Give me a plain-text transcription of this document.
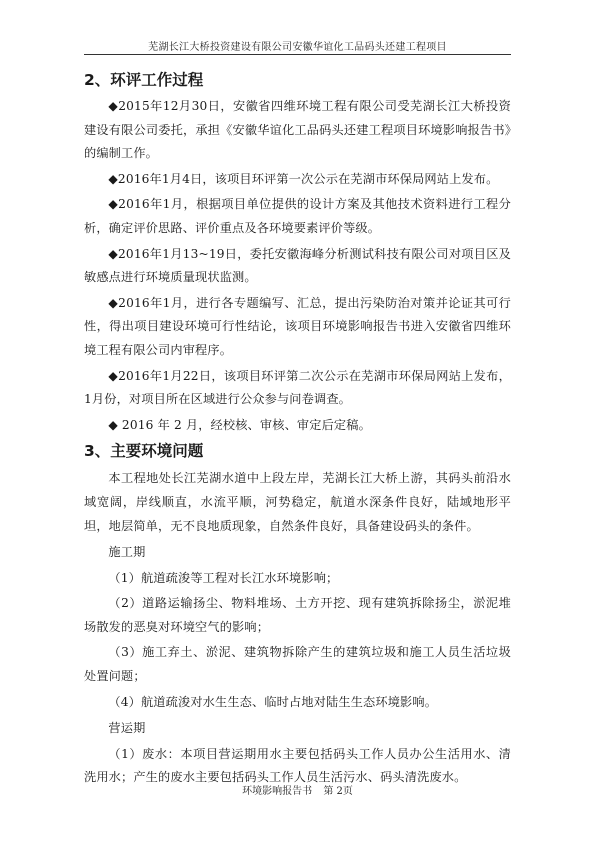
芜湖长江大桥投资建设有限公司安徽华谊化工品码头还建工程项目
2、环评工作过程

◆2015年12月30日，安徽省四维环境工程有限公司受芜湖长江大桥投资建设有限公司委托，承担《安徽华谊化工品码头还建工程项目环境影响报告书》的编制工作。

◆2016年1月4日，该项目环评第一次公示在芜湖市环保局网站上发布。

◆2016年1月，根据项目单位提供的设计方案及其他技术资料进行工程分析，确定评价思路、评价重点及各环境要素评价等级。

◆2016年1月13~19日，委托安徽海峰分析测试科技有限公司对项目区及敏感点进行环境质量现状监测。

◆2016年1月，进行各专题编写、汇总，提出污染防治对策并论证其可行性，得出项目建设环境可行性结论，该项目环境影响报告书进入安徽省四维环境工程有限公司内审程序。

◆2016年1月22日，该项目环评第二次公示在芜湖市环保局网站上发布，1月份，对项目所在区域进行公众参与问卷调查。

◆ 2016 年 2 月，经校核、审核、审定后定稿。

3、主要环境问题

本工程地处长江芜湖水道中上段左岸，芜湖长江大桥上游，其码头前沿水域宽阔，岸线顺直，水流平顺，河势稳定，航道水深条件良好，陆域地形平坦，地层简单，无不良地质现象，自然条件良好，具备建设码头的条件。

施工期

（1）航道疏浚等工程对长江水环境影响；

（2）道路运输扬尘、物料堆场、土方开挖、现有建筑拆除扬尘，淤泥堆场散发的恶臭对环境空气的影响；

（3）施工弃土、淤泥、建筑物拆除产生的建筑垃圾和施工人员生活垃圾处置问题；

（4）航道疏浚对水生生态、临时占地对陆生生态环境影响。

营运期

（1）废水：本项目营运期用水主要包括码头工作人员办公生活用水、清洗用水；产生的废水主要包括码头工作人员生活污水、码头清洗废水。

环境影响报告书 第 2页
